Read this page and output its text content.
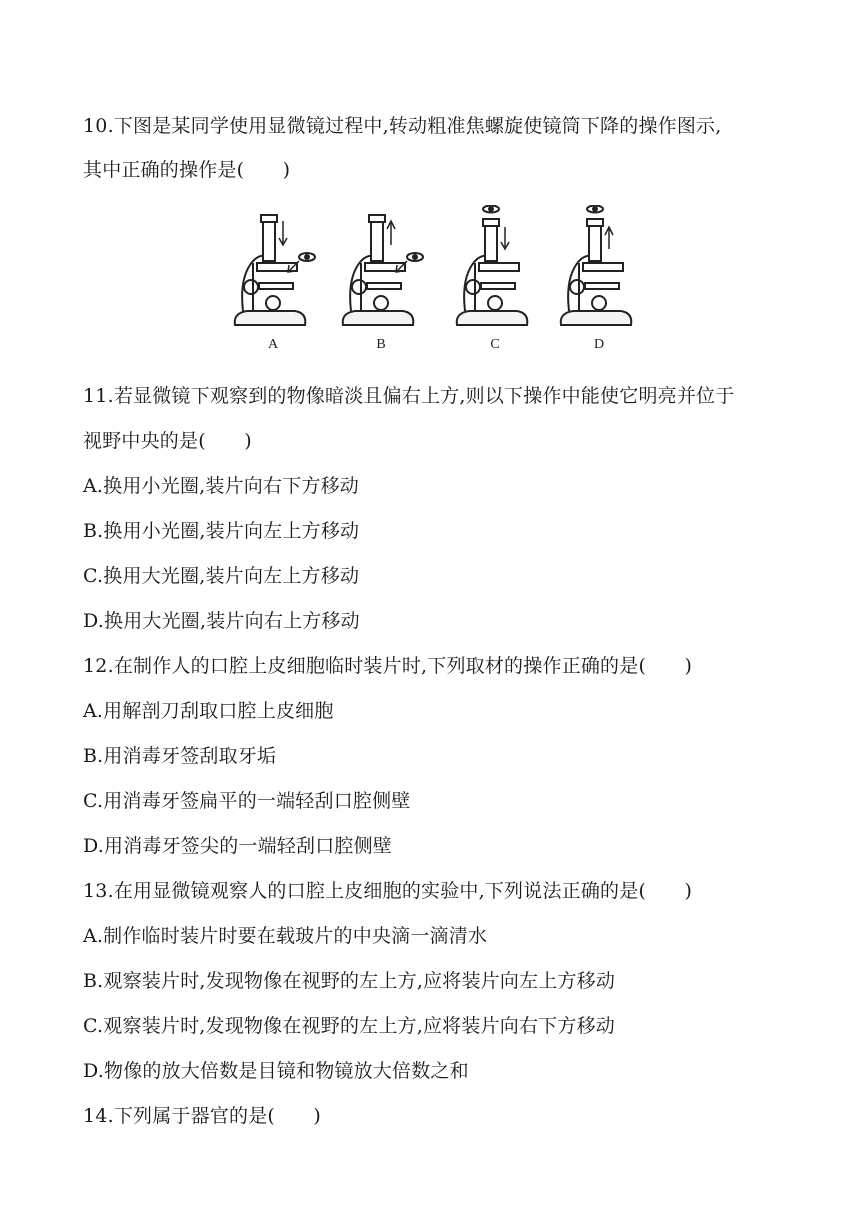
10.下图是某同学使用显微镜过程中,转动粗准焦螺旋使镜筒下降的操作图示,
其中正确的操作是(　　)
A	B	C	D
11.若显微镜下观察到的物像暗淡且偏右上方,则以下操作中能使它明亮并位于
视野中央的是(　　)
A.换用小光圈,装片向右下方移动
B.换用小光圈,装片向左上方移动
C.换用大光圈,装片向左上方移动
D.换用大光圈,装片向右上方移动
12.在制作人的口腔上皮细胞临时装片时,下列取材的操作正确的是(　　)
A.用解剖刀刮取口腔上皮细胞
B.用消毒牙签刮取牙垢
C.用消毒牙签扁平的一端轻刮口腔侧壁
D.用消毒牙签尖的一端轻刮口腔侧壁
13.在用显微镜观察人的口腔上皮细胞的实验中,下列说法正确的是(　　)
A.制作临时装片时要在载玻片的中央滴一滴清水
B.观察装片时,发现物像在视野的左上方,应将装片向左上方移动
C.观察装片时,发现物像在视野的左上方,应将装片向右下方移动
D.物像的放大倍数是目镜和物镜放大倍数之和
14.下列属于器官的是(　　)
